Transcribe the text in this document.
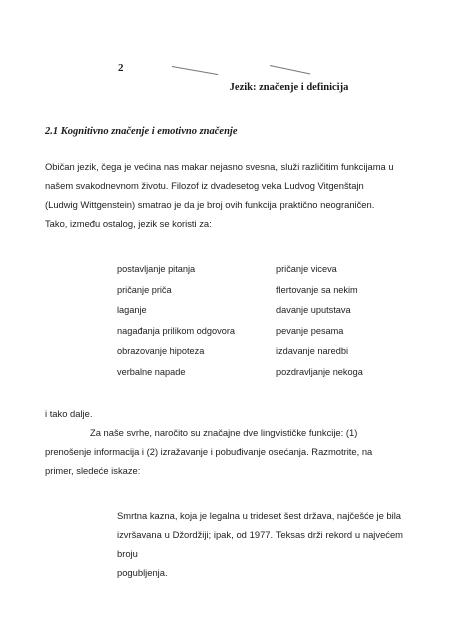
2
Jezik: značenje i definicija
2.1 Kognitivno značenje i emotivno značenje
Običan jezik, čega je većina nas makar nejasno svesna, služi različitim funkcijama u
našem svakodnevnom životu. Filozof iz dvadesetog veka Ludvog Vitgenštajn
(Ludwig Wittgenstein) smatrao je da je broj ovih funkcija praktično neograničen.
Tako, između ostalog, jezik se koristi za:
postavljanje pitanja	pričanje viceva
pričanje priča	flertovanje sa nekim
laganje	davanje uputstava
nagađanja prilikom odgovora	pevanje pesama
obrazovanje hipoteza	izdavanje naredbi
verbalne napade	pozdravljanje nekoga
i tako dalje.
Za naše svrhe, naročito su značajne dve lingvističke funkcije: (1)
prenošenje informacija i (2) izražavanje i pobuđivanje osećanja. Razmotrite, na
primer, sledeće iskaze:
Smrtna kazna, koja je legalna u trideset šest država, najčešće je bila
izvršavana u Džordžiji; ipak, od 1977. Teksas drži rekord u najvećem broju
pogubljenja.
